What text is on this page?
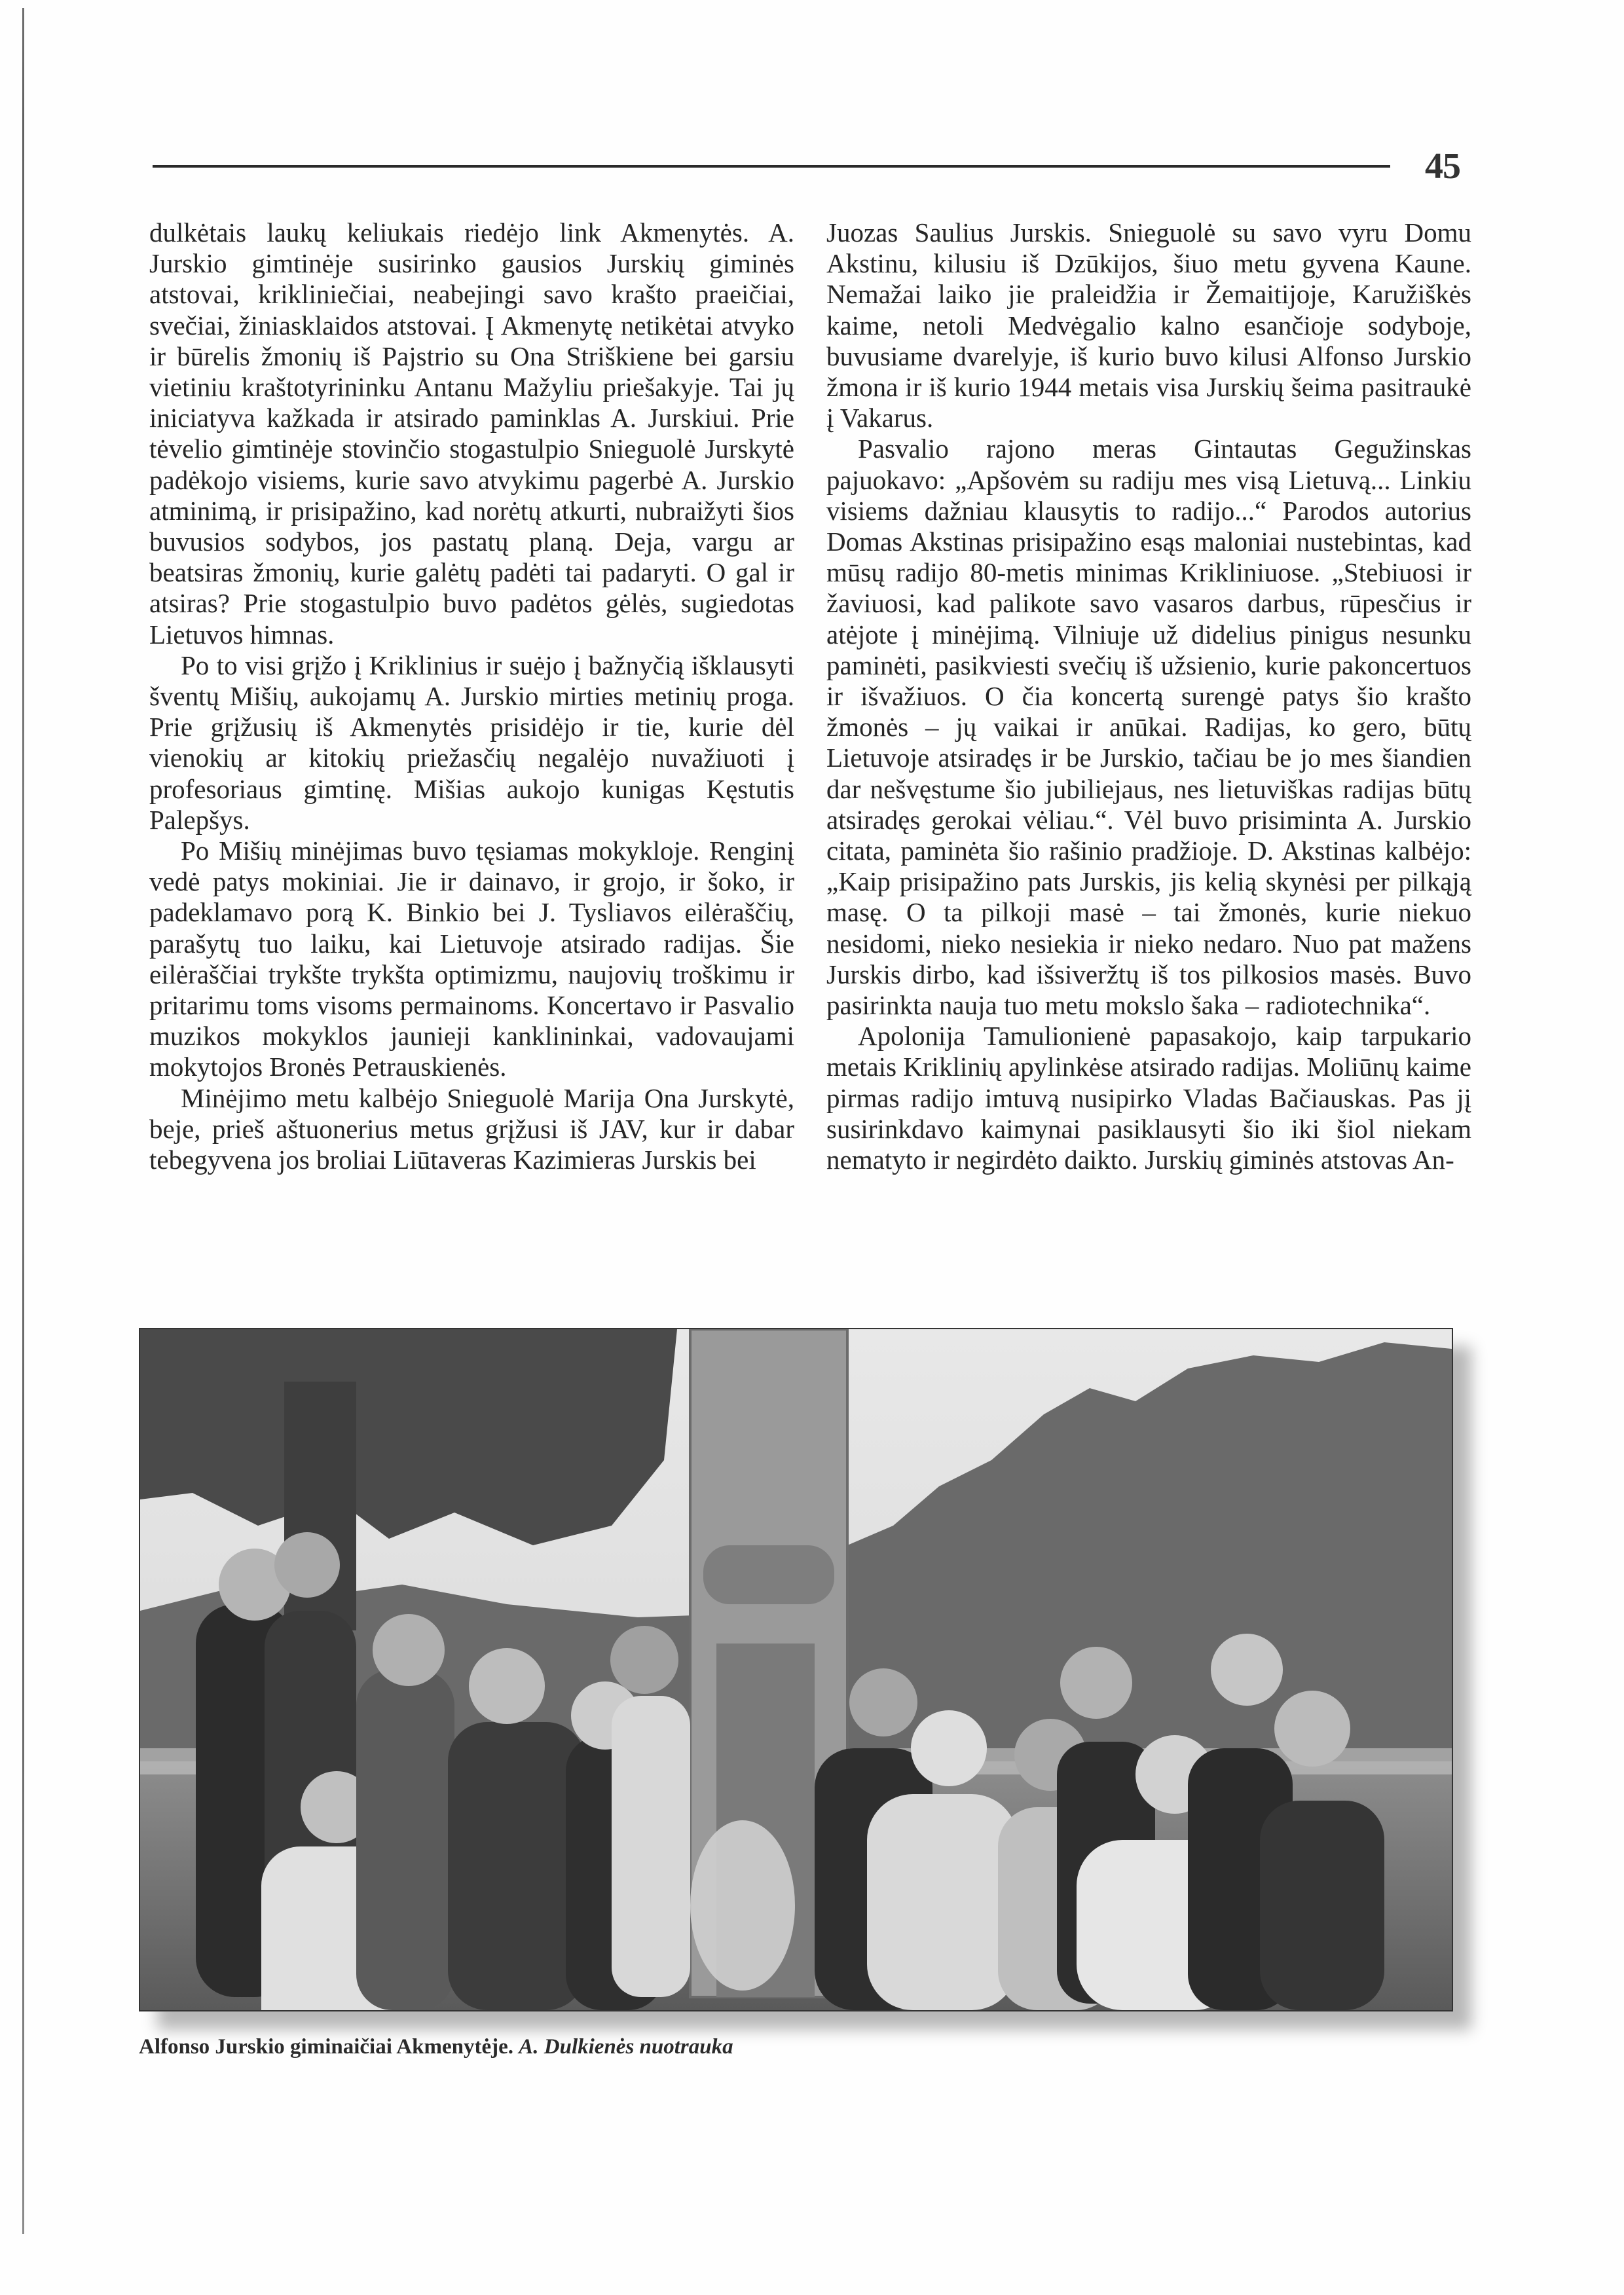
45

dulkėtais laukų keliukais riedėjo link Akmenytės. A. Jurskio gimtinėje susirinko gausios Jurskių giminės atstovai, krikliniečiai, neabejingi savo krašto praeičiai, svečiai, žiniasklaidos atstovai. Į Akmenytę netikėtai atvyko ir būrelis žmonių iš Pajstrio su Ona Striškiene bei garsiu vietiniu kraštotyrininku Antanu Mažyliu priešakyje. Tai jų iniciatyva kažkada ir atsirado paminklas A. Jurskiui. Prie tėvelio gimtinėje stovinčio stogastulpio Snieguolė Jurskytė padėkojo visiems, kurie savo atvykimu pagerbė A. Jurskio atminimą, ir prisipažino, kad norėtų atkurti, nubraižyti šios buvusios sodybos, jos pastatų planą. Deja, vargu ar beatsiras žmonių, kurie galėtų padėti tai padaryti. O gal ir atsiras? Prie stogastulpio buvo padėtos gėlės, sugiedotas Lietuvos himnas.

Po to visi grįžo į Kriklinius ir suėjo į bažnyčią išklausyti šventų Mišių, aukojamų A. Jurskio mirties metinių proga. Prie grįžusių iš Akmenytės prisidėjo ir tie, kurie dėl vienokių ar kitokių priežasčių negalėjo nuvažiuoti į profesoriaus gimtinę. Mišias aukojo kunigas Kęstutis Palepšys.

Po Mišių minėjimas buvo tęsiamas mokykloje. Renginį vedė patys mokiniai. Jie ir dainavo, ir grojo, ir šoko, ir padeklamavo porą K. Binkio bei J. Tysliavos eilėraščių, parašytų tuo laiku, kai Lietuvoje atsirado radijas. Šie eilėraščiai trykšte trykšta optimizmu, naujovių troškimu ir pritarimu toms visoms permainoms. Koncertavo ir Pasvalio muzikos mokyklos jaunieji kanklininkai, vadovaujami mokytojos Bronės Petrauskienės.

Minėjimo metu kalbėjo Snieguolė Marija Ona Jurskytė, beje, prieš aštuonerius metus grįžusi iš JAV, kur ir dabar tebegyvena jos broliai Liūtaveras Kazimieras Jurskis bei

Juozas Saulius Jurskis. Snieguolė su savo vyru Domu Akstinu, kilusiu iš Dzūkijos, šiuo metu gyvena Kaune. Nemažai laiko jie praleidžia ir Žemaitijoje, Karužiškės kaime, netoli Medvėgalio kalno esančioje sodyboje, buvusiame dvarelyje, iš kurio buvo kilusi Alfonso Jurskio žmona ir iš kurio 1944 metais visa Jurskių šeima pasitraukė į Vakarus.

Pasvalio rajono meras Gintautas Gegužinskas pajuokavo: „Apšovėm su radiju mes visą Lietuvą... Linkiu visiems dažniau klausytis to radijo...“ Parodos autorius Domas Akstinas prisipažino esąs maloniai nustebintas, kad mūsų radijo 80-metis minimas Krikliniuose. „Stebiuosi ir žaviuosi, kad palikote savo vasaros darbus, rūpesčius ir atėjote į minėjimą. Vilniuje už didelius pinigus nesunku paminėti, pasikviesti svečių iš užsienio, kurie pakoncertuos ir išvažiuos. O čia koncertą surengė patys šio krašto žmonės – jų vaikai ir anūkai. Radijas, ko gero, būtų Lietuvoje atsiradęs ir be Jurskio, tačiau be jo mes šiandien dar nešvęstume šio jubiliejaus, nes lietuviškas radijas būtų atsiradęs gerokai vėliau.“. Vėl buvo prisiminta A. Jurskio citata, paminėta šio rašinio pradžioje. D. Akstinas kalbėjo: „Kaip prisipažino pats Jurskis, jis kelią skynėsi per pilkąją masę. O ta pilkoji masė – tai žmonės, kurie niekuo nesidomi, nieko nesiekia ir nieko nedaro. Nuo pat mažens Jurskis dirbo, kad išsiveržtų iš tos pilkosios masės. Buvo pasirinkta nauja tuo metu mokslo šaka – radiotechnika“.

Apolonija Tamulionienė papasakojo, kaip tarpukario metais Kriklinių apylinkėse atsirado radijas. Moliūnų kaime pirmas radijo imtuvą nusipirko Vladas Bačiauskas. Pas jį susirinkdavo kaimynai pasiklausyti šio iki šiol niekam nematyto ir negirdėto daikto. Jurskių giminės atstovas An-

Alfonso Jurskio giminaičiai Akmenytėje. A. Dulkienės nuotrauka
